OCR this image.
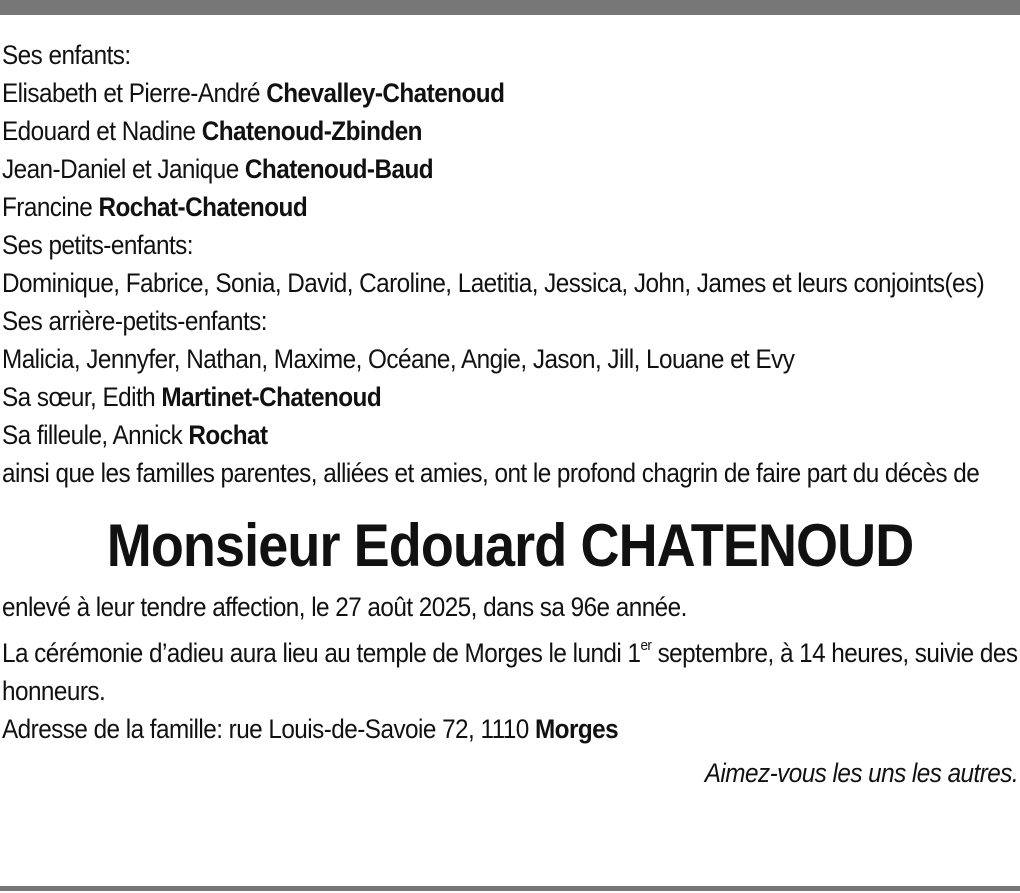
Ses enfants:
Elisabeth et Pierre-André Chevalley-Chatenoud
Edouard et Nadine Chatenoud-Zbinden
Jean-Daniel et Janique Chatenoud-Baud
Francine Rochat-Chatenoud
Ses petits-enfants:
Dominique, Fabrice, Sonia, David, Caroline, Laetitia, Jessica, John, James et leurs conjoints(es)
Ses arrière-petits-enfants:
Malicia, Jennyfer, Nathan, Maxime, Océane, Angie, Jason, Jill, Louane et Evy
Sa sœur, Edith Martinet-Chatenoud
Sa filleule, Annick Rochat
ainsi que les familles parentes, alliées et amies, ont le profond chagrin de faire part du décès de
Monsieur Edouard CHATENOUD
enlevé à leur tendre affection, le 27 août 2025, dans sa 96e année.
La cérémonie d’adieu aura lieu au temple de Morges le lundi 1er septembre, à 14 heures, suivie des honneurs.
Adresse de la famille: rue Louis-de-Savoie 72, 1110 Morges
Aimez-vous les uns les autres.
